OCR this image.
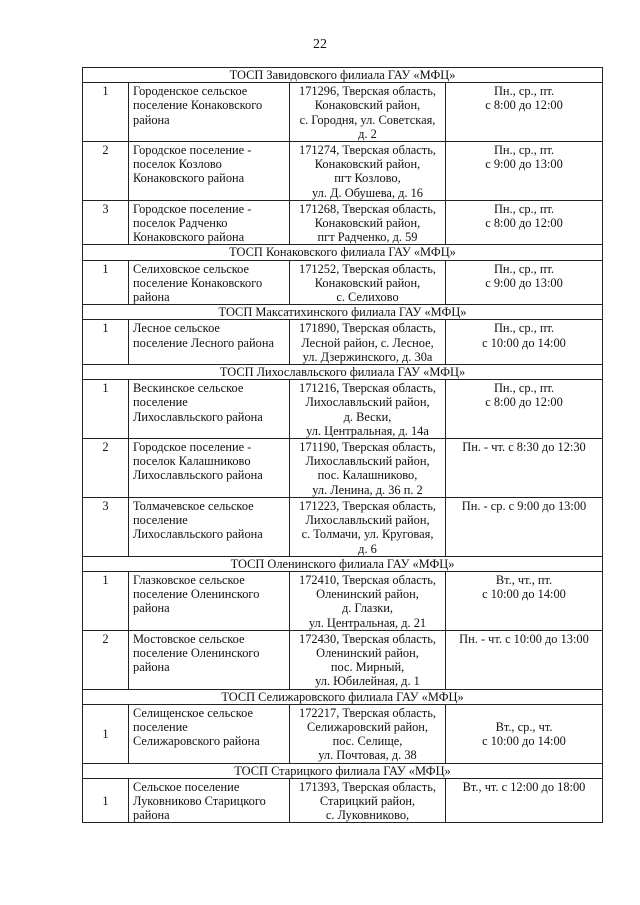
22
ТОСП Завидовского филиала ГАУ «МФЦ»			
1	Городенское сельское
поселение Конаковского
района	171296, Тверская область,
Конаковский район,
с. Городня, ул. Советская,
д. 2	Пн., ср., пт.
с 8:00 до 12:00
2	Городское поселение -
поселок Козлово
Конаковского района	171274, Тверская область,
Конаковский район,
пгт Козлово,
ул. Д. Обушева, д. 16	Пн., ср., пт.
с 9:00 до 13:00
3	Городское поселение -
поселок Радченко
Конаковского района	171268, Тверская область,
Конаковский район,
пгт Радченко, д. 59	Пн., ср., пт.
с 8:00 до 12:00
ТОСП Конаковского филиала ГАУ «МФЦ»			
1	Селиховское сельское
поселение Конаковского
района	171252, Тверская область,
Конаковский район,
с. Селихово	Пн., ср., пт.
с 9:00 до 13:00
ТОСП Максатихинского филиала ГАУ «МФЦ»			
1	Лесное сельское
поселение Лесного района	171890, Тверская область,
Лесной район, с. Лесное,
ул. Дзержинского, д. 30а	Пн., ср., пт.
с 10:00 до 14:00
ТОСП Лихославльского филиала ГАУ «МФЦ»			
1	Вескинское сельское
поселение
Лихославльского района	171216, Тверская область,
Лихославльский район,
д. Вески,
ул. Центральная, д. 14а	Пн., ср., пт.
с 8:00 до 12:00
2	Городское поселение -
поселок Калашниково
Лихославльского района	171190, Тверская область,
Лихославльский район,
пос. Калашниково,
ул. Ленина, д. 36 п. 2	Пн. - чт. с 8:30 до 12:30
3	Толмачевское сельское
поселение
Лихославльского района	171223, Тверская область,
Лихославльский район,
с. Толмачи, ул. Круговая,
д. 6	Пн. - ср. с 9:00 до 13:00
ТОСП Оленинского филиала ГАУ «МФЦ»			
1	Глазковское сельское
поселение Оленинского
района	172410, Тверская область,
Оленинский район,
д. Глазки,
ул. Центральная, д. 21	Вт., чт., пт.
с 10:00 до 14:00
2	Мостовское сельское
поселение Оленинского
района	172430, Тверская область,
Оленинский район,
пос. Мирный,
ул. Юбилейная, д. 1	Пн. - чт. с 10:00 до 13:00
ТОСП Селижаровского филиала ГАУ «МФЦ»			
1	Селищенское сельское
поселение
Селижаровского района	172217, Тверская область,
Селижаровский район,
пос. Селище,
ул. Почтовая, д. 38	Вт., ср., чт.
с 10:00 до 14:00
ТОСП Старицкого филиала ГАУ «МФЦ»			
1	Сельское поселение
Луковниково Старицкого
района	171393, Тверская область,
Старицкий район,
с. Луковниково,	Вт., чт. с 12:00 до 18:00
